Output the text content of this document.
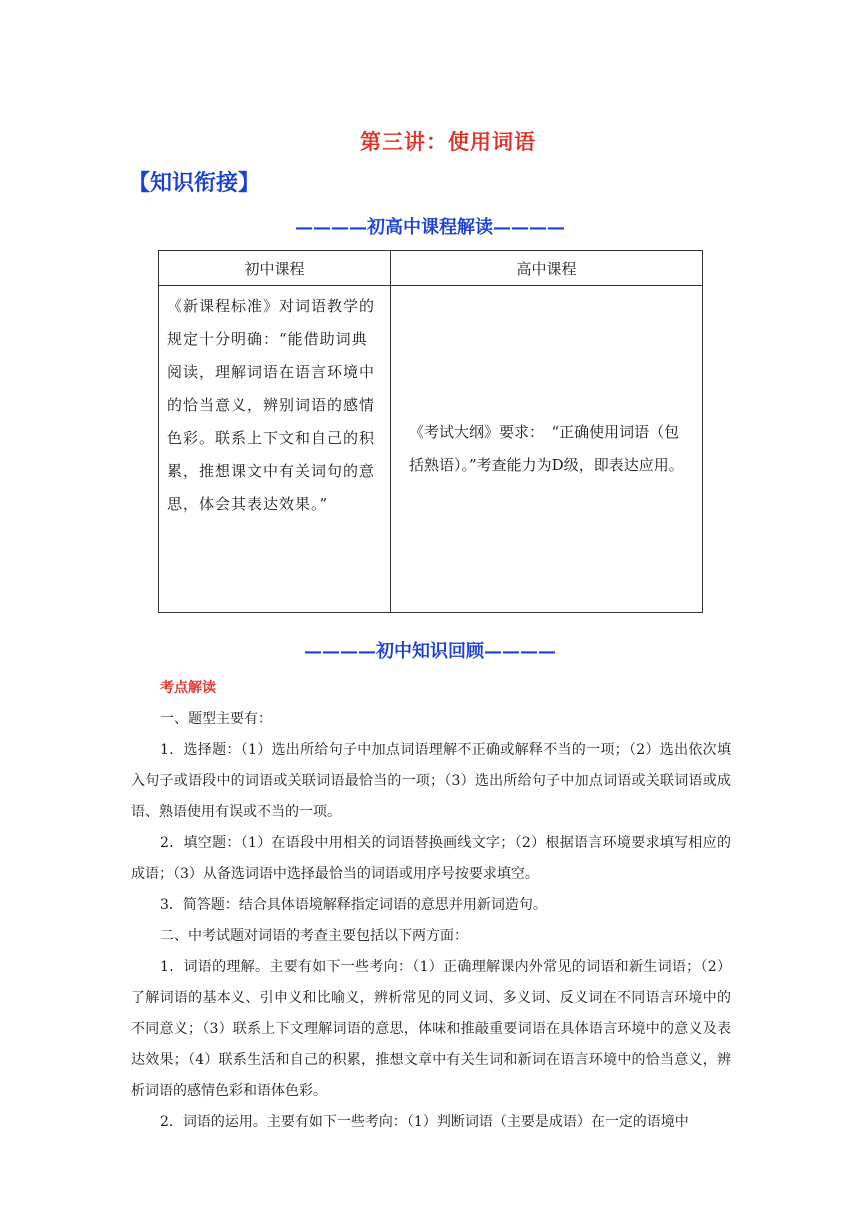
第三讲：使用词语
【知识衔接】
————初高中课程解读————
初中课程	高中课程
《新课程标准》对词语教学的规定十分明确：“能借助词典阅读，理解词语在语言环境中的恰当意义，辨别词语的感情色彩。联系上下文和自己的积累，推想课文中有关词句的意思，体会其表达效果。”	《考试大纲》要求：　“正确使用词语（包括熟语）。”考查能力为D级，即表达应用。
————初中知识回顾————

考点解读

一、题型主要有：

1．选择题：（1）选出所给句子中加点词语理解不正确或解释不当的一项；（2）选出依次填入句子或语段中的词语或关联词语最恰当的一项；（3）选出所给句子中加点词语或关联词语或成语、熟语使用有误或不当的一项。

2．填空题：（1）在语段中用相关的词语替换画线文字；（2）根据语言环境要求填写相应的成语；（3）从备选词语中选择最恰当的词语或用序号按要求填空。

3．简答题：结合具体语境解释指定词语的意思并用新词造句。

二、中考试题对词语的考查主要包括以下两方面：

1．词语的理解。主要有如下一些考向：（1）正确理解课内外常见的词语和新生词语；（2）了解词语的基本义、引申义和比喻义，辨析常见的同义词、多义词、反义词在不同语言环境中的不同意义；（3）联系上下文理解词语的意思，体味和推敲重要词语在具体语言环境中的意义及表达效果；（4）联系生活和自己的积累，推想文章中有关生词和新词在语言环境中的恰当意义，辨析词语的感情色彩和语体色彩。

2．词语的运用。主要有如下一些考向：（1）判断词语（主要是成语）在一定的语境中
